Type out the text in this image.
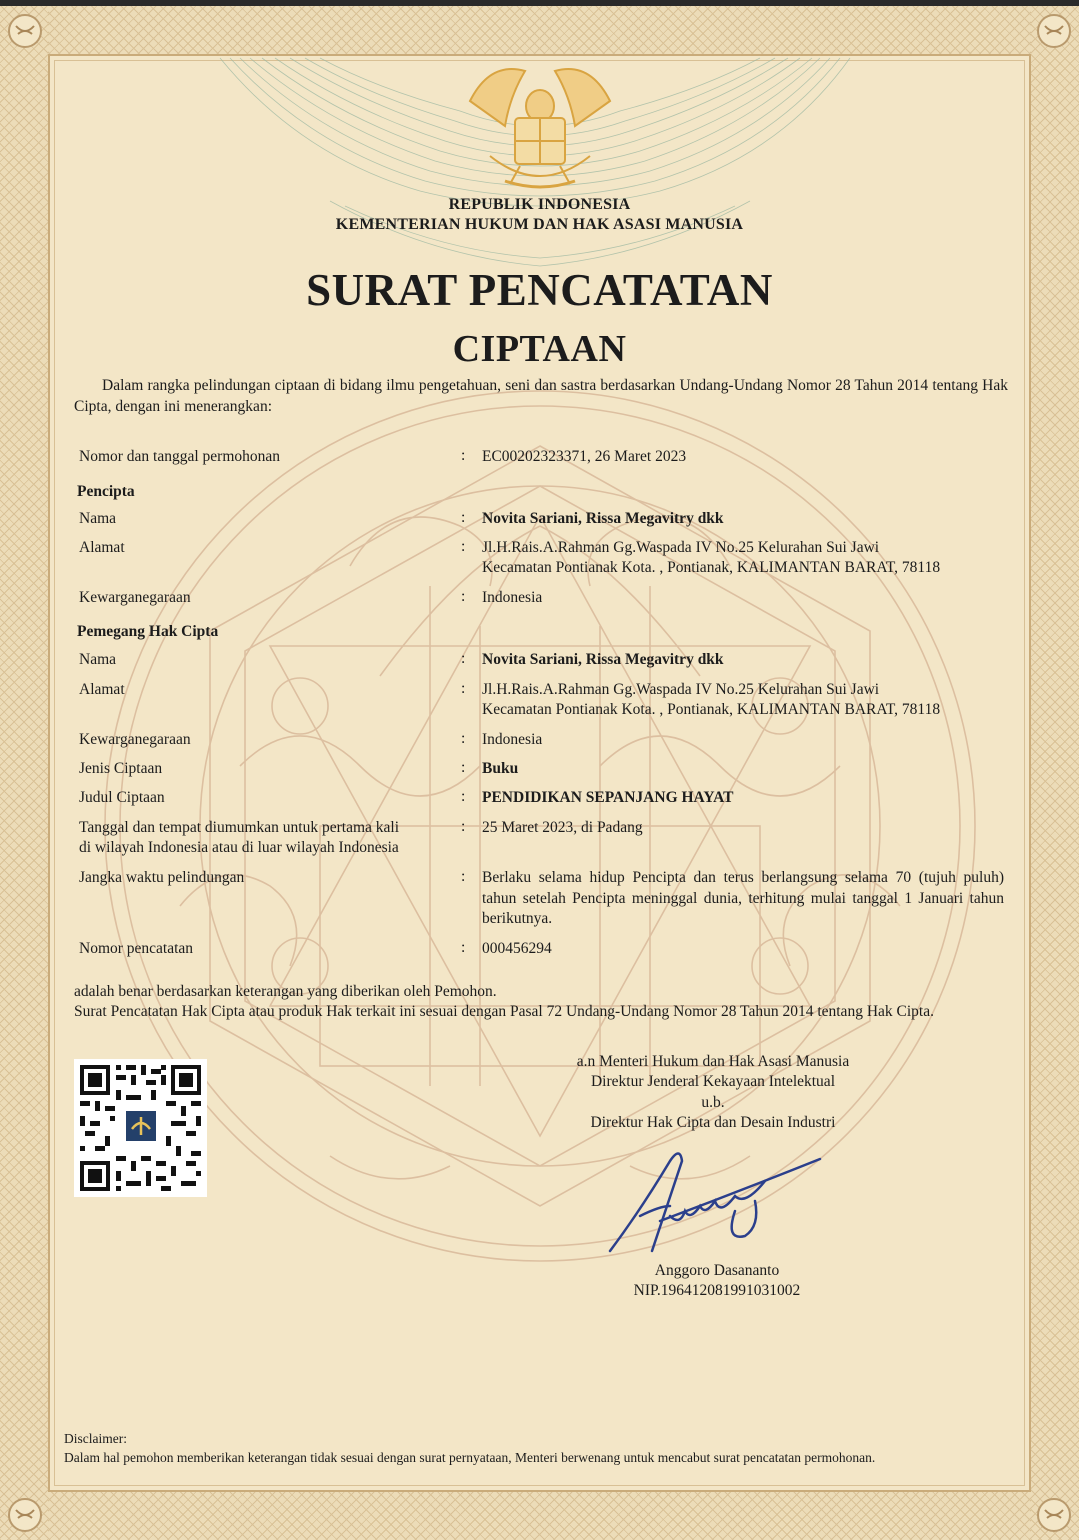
REPUBLIK INDONESIA
KEMENTERIAN HUKUM DAN HAK ASASI MANUSIA
SURAT PENCATATAN
CIPTAAN
Dalam rangka pelindungan ciptaan di bidang ilmu pengetahuan, seni dan sastra berdasarkan Undang-Undang Nomor 28 Tahun 2014 tentang Hak Cipta, dengan ini menerangkan:
Nomor dan tanggal permohonan	: EC00202323371, 26 Maret 2023
Pencipta
Nama	: Novita Sariani, Rissa Megavitry dkk
Alamat	: Jl.H.Rais.A.Rahman Gg.Waspada IV No.25 Kelurahan Sui Jawi
Kecamatan Pontianak Kota. , Pontianak, KALIMANTAN BARAT, 78118
Kewarganegaraan	: Indonesia
Pemegang Hak Cipta
Nama	: Novita Sariani, Rissa Megavitry dkk
Alamat	: Jl.H.Rais.A.Rahman Gg.Waspada IV No.25 Kelurahan Sui Jawi
Kecamatan Pontianak Kota. , Pontianak, KALIMANTAN BARAT, 78118
Kewarganegaraan	: Indonesia
Jenis Ciptaan	: Buku
Judul Ciptaan	: PENDIDIKAN SEPANJANG HAYAT
Tanggal dan tempat diumumkan untuk pertama kali
di wilayah Indonesia atau di luar wilayah Indonesia
: 25 Maret 2023, di Padang
Jangka waktu pelindungan	: Berlaku selama hidup Pencipta dan terus berlangsung selama 70 (tujuh puluh) tahun setelah Pencipta meninggal dunia, terhitung mulai tanggal 1 Januari tahun berikutnya.
Nomor pencatatan	: 000456294
adalah benar berdasarkan keterangan yang diberikan oleh Pemohon.
Surat Pencatatan Hak Cipta atau produk Hak terkait ini sesuai dengan Pasal 72 Undang-Undang Nomor 28 Tahun 2014 tentang Hak Cipta.
a.n Menteri Hukum dan Hak Asasi Manusia
Direktur Jenderal Kekayaan Intelektual
u.b.
Direktur Hak Cipta dan Desain Industri
Anggoro Dasananto
NIP.196412081991031002
Disclaimer:
Dalam hal pemohon memberikan keterangan tidak sesuai dengan surat pernyataan, Menteri berwenang untuk mencabut surat pencatatan permohonan.
